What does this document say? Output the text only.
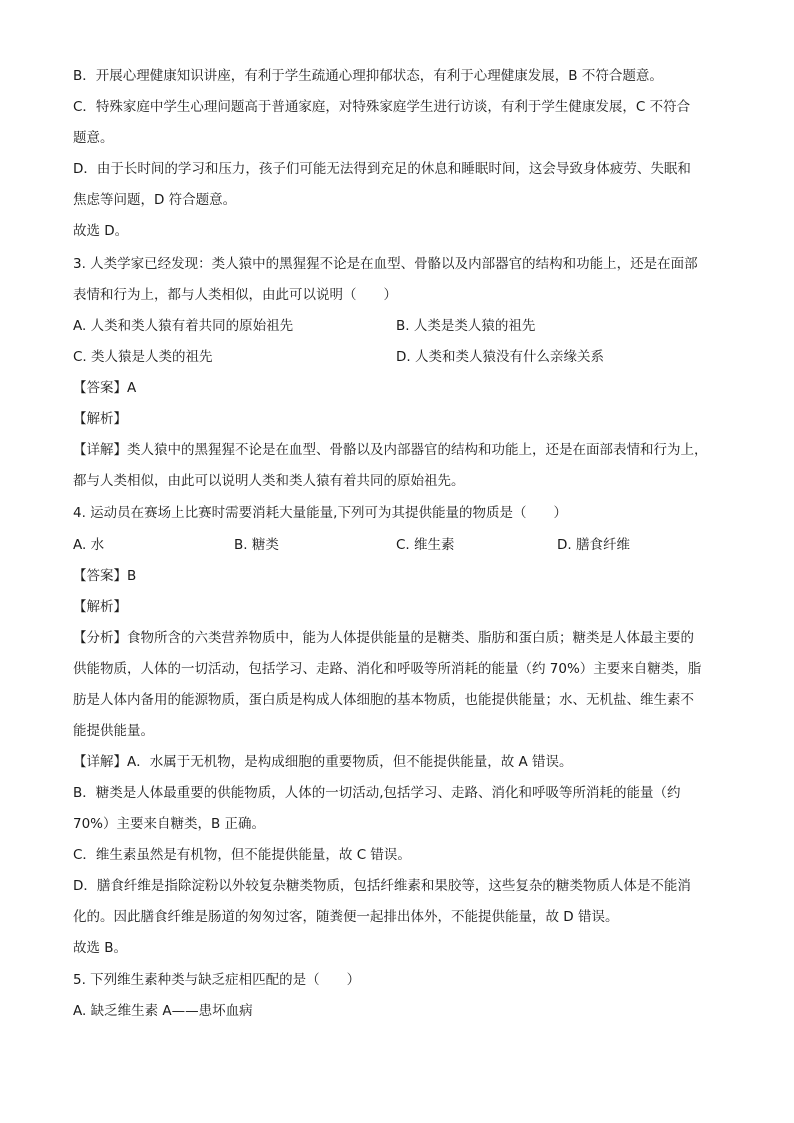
B．开展心理健康知识讲座，有利于学生疏通心理抑郁状态，有利于心理健康发展，B 不符合题意。
C．特殊家庭中学生心理问题高于普通家庭，对特殊家庭学生进行访谈，有利于学生健康发展，C 不符合
题意。
D．由于长时间的学习和压力，孩子们可能无法得到充足的休息和睡眠时间，这会导致身体疲劳、失眠和
焦虑等问题，D 符合题意。
故选 D。
3. 人类学家已经发现：类人猿中的黑猩猩不论是在血型、骨骼以及内部器官的结构和功能上，还是在面部
表情和行为上，都与人类相似，由此可以说明（　　）
A. 人类和类人猿有着共同的原始祖先	B. 人类是类人猿的祖先
C. 类人猿是人类的祖先	D. 人类和类人猿没有什么亲缘关系
【答案】A
【解析】
【详解】类人猿中的黑猩猩不论是在血型、骨骼以及内部器官的结构和功能上，还是在面部表情和行为上，
都与人类相似，由此可以说明人类和类人猿有着共同的原始祖先。
4. 运动员在赛场上比赛时需要消耗大量能量,下列可为其提供能量的物质是（　　）
A. 水	B. 糖类	C. 维生素	D. 膳食纤维
【答案】B
【解析】
【分析】食物所含的六类营养物质中，能为人体提供能量的是糖类、脂肪和蛋白质；糖类是人体最主要的
供能物质，人体的一切活动，包括学习、走路、消化和呼吸等所消耗的能量（约 70%）主要来自糖类，脂
肪是人体内备用的能源物质，蛋白质是构成人体细胞的基本物质，也能提供能量；水、无机盐、维生素不
能提供能量。
【详解】A．水属于无机物，是构成细胞的重要物质，但不能提供能量，故 A 错误。
B．糖类是人体最重要的供能物质，人体的一切活动,包括学习、走路、消化和呼吸等所消耗的能量（约
70%）主要来自糖类，B 正确。
C．维生素虽然是有机物，但不能提供能量，故 C 错误。
D．膳食纤维是指除淀粉以外较复杂糖类物质，包括纤维素和果胶等，这些复杂的糖类物质人体是不能消
化的。因此膳食纤维是肠道的匆匆过客，随粪便一起排出体外，不能提供能量，故 D 错误。
故选 B。
5. 下列维生素种类与缺乏症相匹配的是（　　）
A. 缺乏维生素 A——患坏血病
